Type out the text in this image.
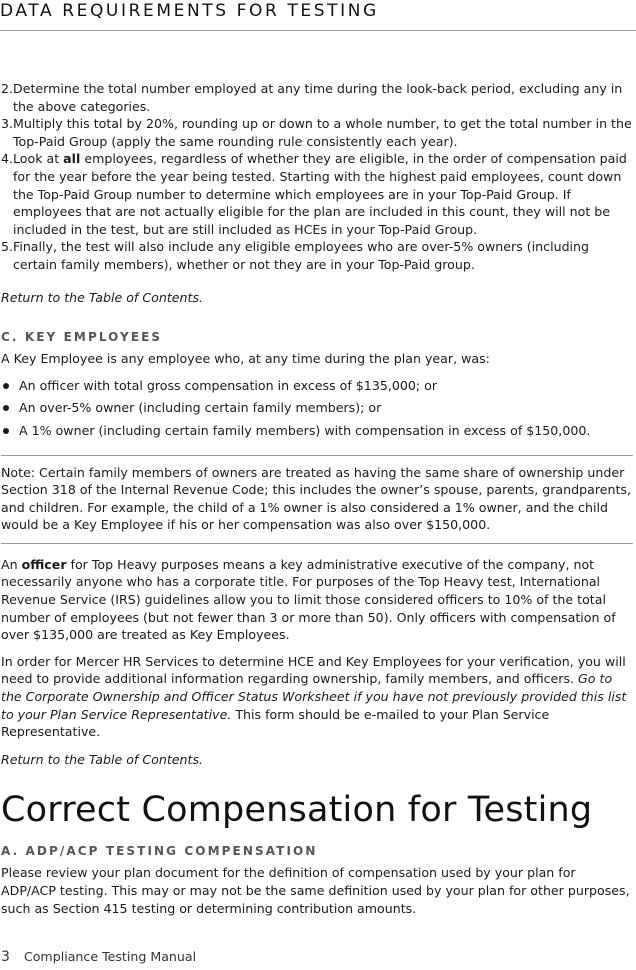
DATA REQUIREMENTS FOR TESTING
2. Determine the total number employed at any time during the look-back period, excluding any in the above categories.
3. Multiply this total by 20%, rounding up or down to a whole number, to get the total number in the Top-Paid Group (apply the same rounding rule consistently each year).
4. Look at all employees, regardless of whether they are eligible, in the order of compensation paid for the year before the year being tested. Starting with the highest paid employees, count down the Top-Paid Group number to determine which employees are in your Top-Paid Group. If employees that are not actually eligible for the plan are included in this count, they will not be included in the test, but are still included as HCEs in your Top-Paid Group.
5. Finally, the test will also include any eligible employees who are over-5% owners (including certain family members), whether or not they are in your Top-Paid group.

Return to the Table of Contents.

C. KEY EMPLOYEES

A Key Employee is any employee who, at any time during the plan year, was:

An officer with total gross compensation in excess of $135,000; or
An over-5% owner (including certain family members); or
A 1% owner (including certain family members) with compensation in excess of $150,000.

Note: Certain family members of owners are treated as having the same share of ownership under Section 318 of the Internal Revenue Code; this includes the owner’s spouse, parents, grandparents, and children. For example, the child of a 1% owner is also considered a 1% owner, and the child would be a Key Employee if his or her compensation was also over $150,000.

An officer for Top Heavy purposes means a key administrative executive of the company, not necessarily anyone who has a corporate title. For purposes of the Top Heavy test, International Revenue Service (IRS) guidelines allow you to limit those considered officers to 10% of the total number of employees (but not fewer than 3 or more than 50). Only officers with compensation of over $135,000 are treated as Key Employees.

In order for Mercer HR Services to determine HCE and Key Employees for your verification, you will need to provide additional information regarding ownership, family members, and officers. Go to the Corporate Ownership and Officer Status Worksheet if you have not previously provided this list to your Plan Service Representative. This form should be e-mailed to your Plan Service Representative.

Return to the Table of Contents.

Correct Compensation for Testing

A. ADP/ACP TESTING COMPENSATION

Please review your plan document for the definition of compensation used by your plan for ADP/ACP testing. This may or may not be the same definition used by your plan for other purposes, such as Section 415 testing or determining contribution amounts.

3 Compliance Testing Manual
